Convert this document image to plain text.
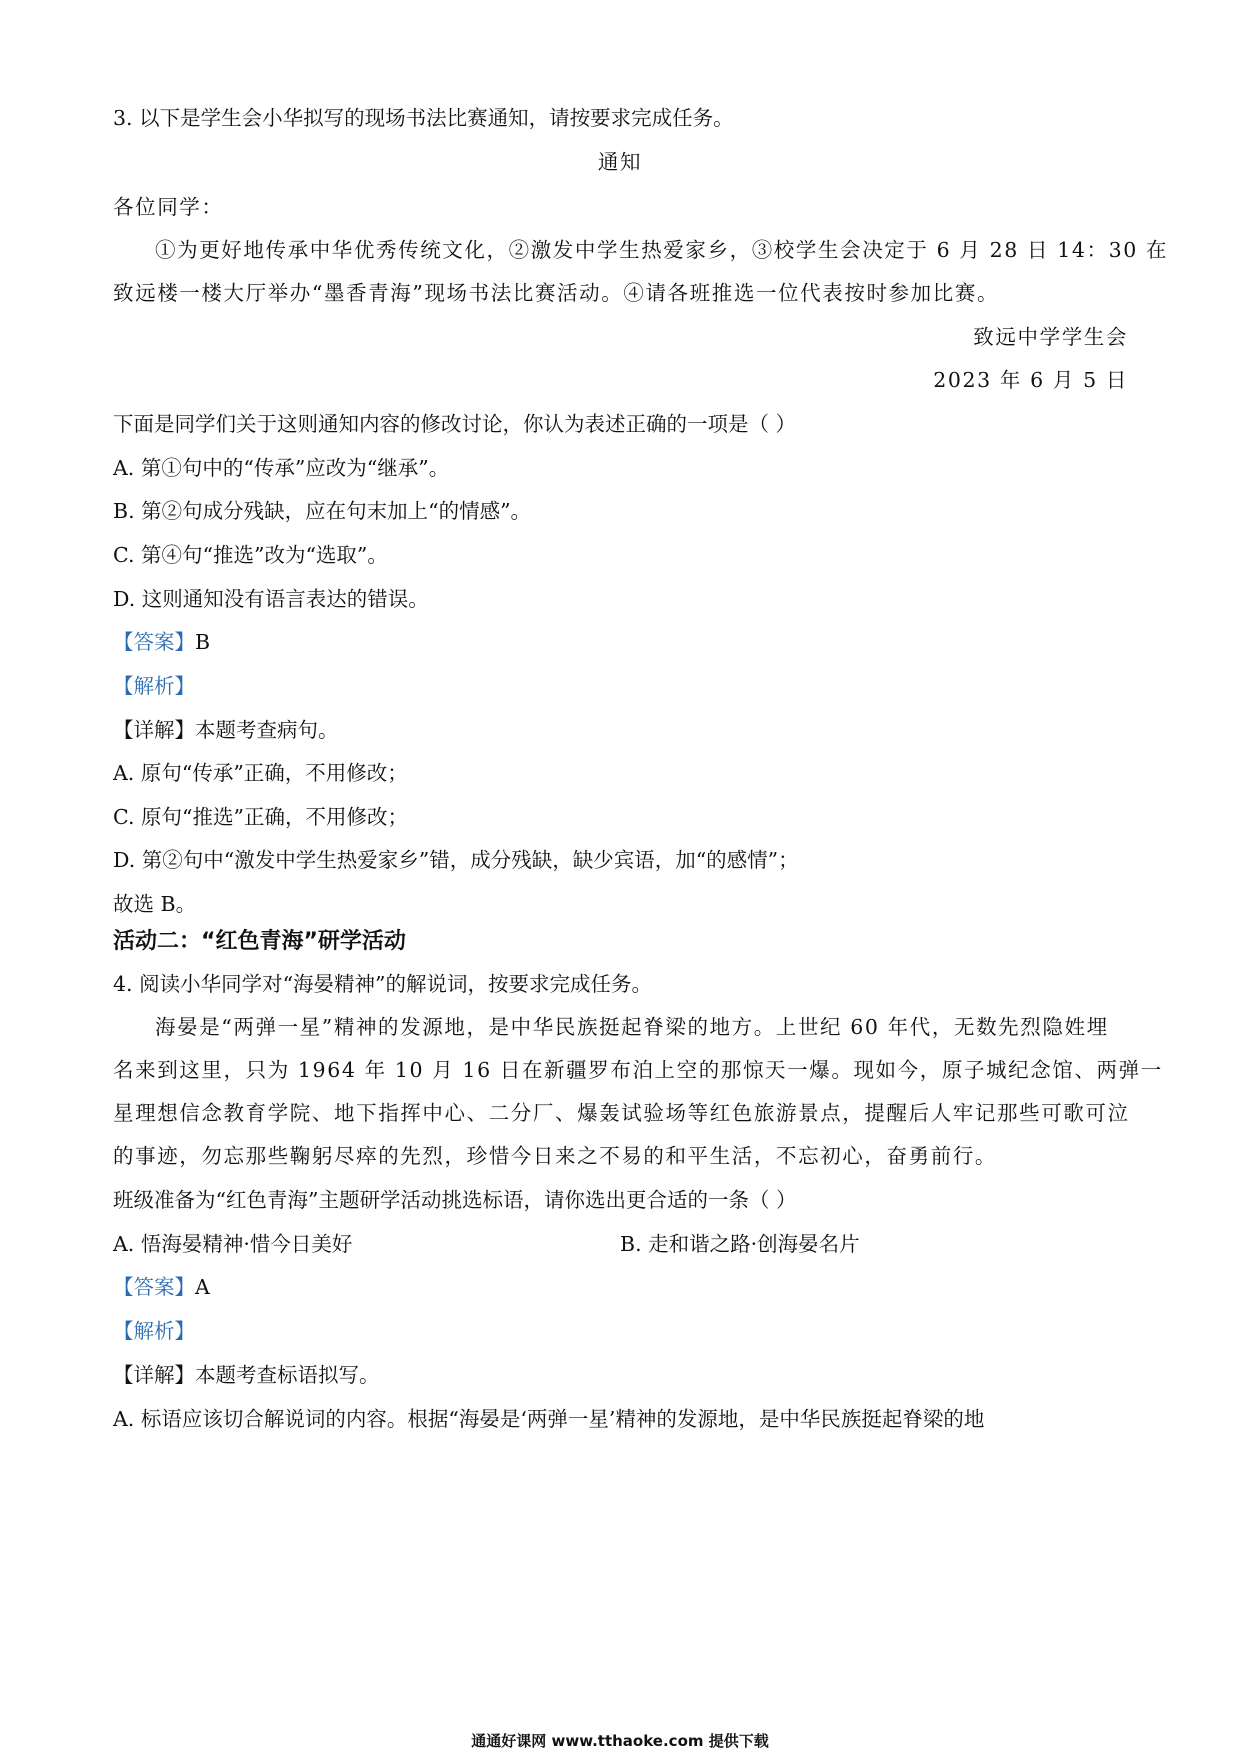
3. 以下是学生会小华拟写的现场书法比赛通知，请按要求完成任务。
通知
各位同学：
①为更好地传承中华优秀传统文化，②激发中学生热爱家乡，③校学生会决定于 6 月 28 日 14：30 在
致远楼一楼大厅举办“墨香青海”现场书法比赛活动。④请各班推选一位代表按时参加比赛。
致远中学学生会
2023 年 6 月 5 日
下面是同学们关于这则通知内容的修改讨论，你认为表述正确的一项是（ ）
A. 第①句中的“传承”应改为“继承”。
B. 第②句成分残缺，应在句末加上“的情感”。
C. 第④句“推选”改为“选取”。
D. 这则通知没有语言表达的错误。
【答案】B
【解析】
【详解】本题考查病句。
A. 原句“传承”正确，不用修改；
C. 原句“推选”正确，不用修改；
D. 第②句中“激发中学生热爱家乡”错，成分残缺，缺少宾语，加“的感情”；
故选 B。
活动二：“红色青海”研学活动
4. 阅读小华同学对“海晏精神”的解说词，按要求完成任务。
海晏是“两弹一星”精神的发源地，是中华民族挺起脊梁的地方。上世纪 60 年代，无数先烈隐姓埋
名来到这里，只为 1964 年 10 月 16 日在新疆罗布泊上空的那惊天一爆。现如今，原子城纪念馆、两弹一
星理想信念教育学院、地下指挥中心、二分厂、爆轰试验场等红色旅游景点，提醒后人牢记那些可歌可泣
的事迹，勿忘那些鞠躬尽瘁的先烈，珍惜今日来之不易的和平生活，不忘初心，奋勇前行。
班级准备为“红色青海”主题研学活动挑选标语，请你选出更合适的一条（ ）
A. 悟海晏精神·惜今日美好	B. 走和谐之路·创海晏名片
【答案】A
【解析】
【详解】本题考查标语拟写。
A. 标语应该切合解说词的内容。根据“海晏是‘两弹一星’精神的发源地，是中华民族挺起脊梁的地
通通好课网 www.tthaoke.com 提供下载
